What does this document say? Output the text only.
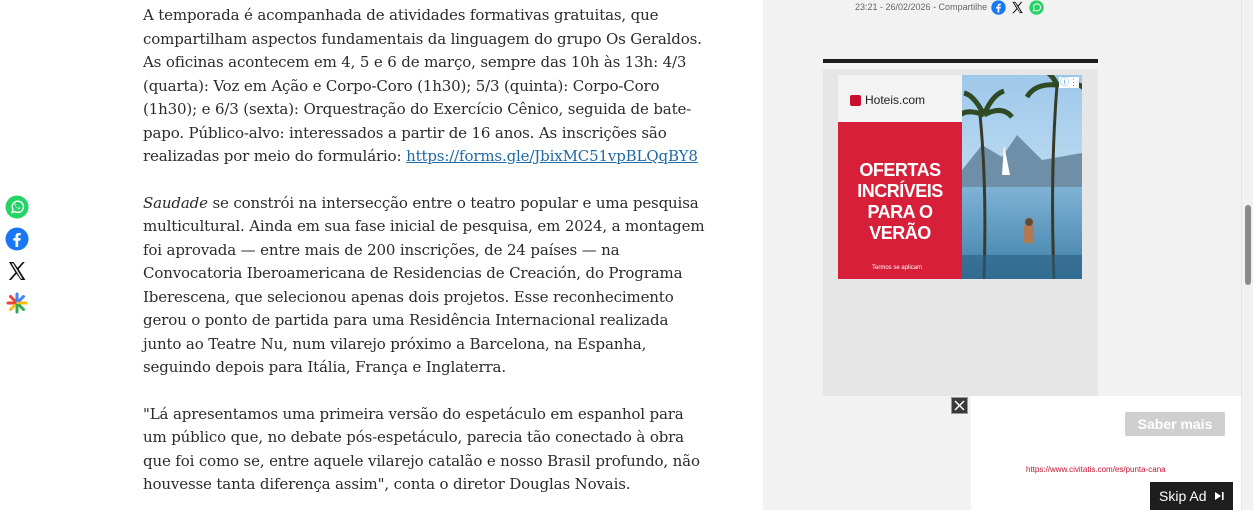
A temporada é acompanhada de atividades formativas gratuitas, que compartilham aspectos fundamentais da linguagem do grupo Os Geraldos. As oficinas acontecem em 4, 5 e 6 de março, sempre das 10h às 13h: 4/3 (quarta): Voz em Ação e Corpo-Coro (1h30); 5/3 (quinta): Corpo-Coro (1h30); e 6/3 (sexta): Orquestração do Exercício Cênico, seguida de bate-papo. Público-alvo: interessados a partir de 16 anos. As inscrições são realizadas por meio do formulário: https://forms.gle/JbixMC51vpBLQqBY8

Saudade se constrói na intersecção entre o teatro popular e uma pesquisa multicultural. Ainda em sua fase inicial de pesquisa, em 2024, a montagem foi aprovada — entre mais de 200 inscrições, de 24 países — na Convocatoria Iberoamericana de Residencias de Creación, do Programa Iberescena, que selecionou apenas dois projetos. Esse reconhecimento gerou o ponto de partida para uma Residência Internacional realizada junto ao Teatre Nu, num vilarejo próximo a Barcelona, na Espanha, seguindo depois para Itália, França e Inglaterra.

"Lá apresentamos uma primeira versão do espetáculo em espanhol para um público que, no debate pós-espetáculo, parecia tão conectado à obra que foi como se, entre aquele vilarejo catalão e nosso Brasil profundo, não houvesse tanta diferença assim", conta o diretor Douglas Novais.

23:21 - 26/02/2026 - Compartilhe
Hoteis.com
OFERTAS INCRÍVEIS PARA O VERÃO
Termos se aplicam
ⓘ⋮
Saber mais
https://www.civitatis.com/es/punta-cana
Skip Ad
